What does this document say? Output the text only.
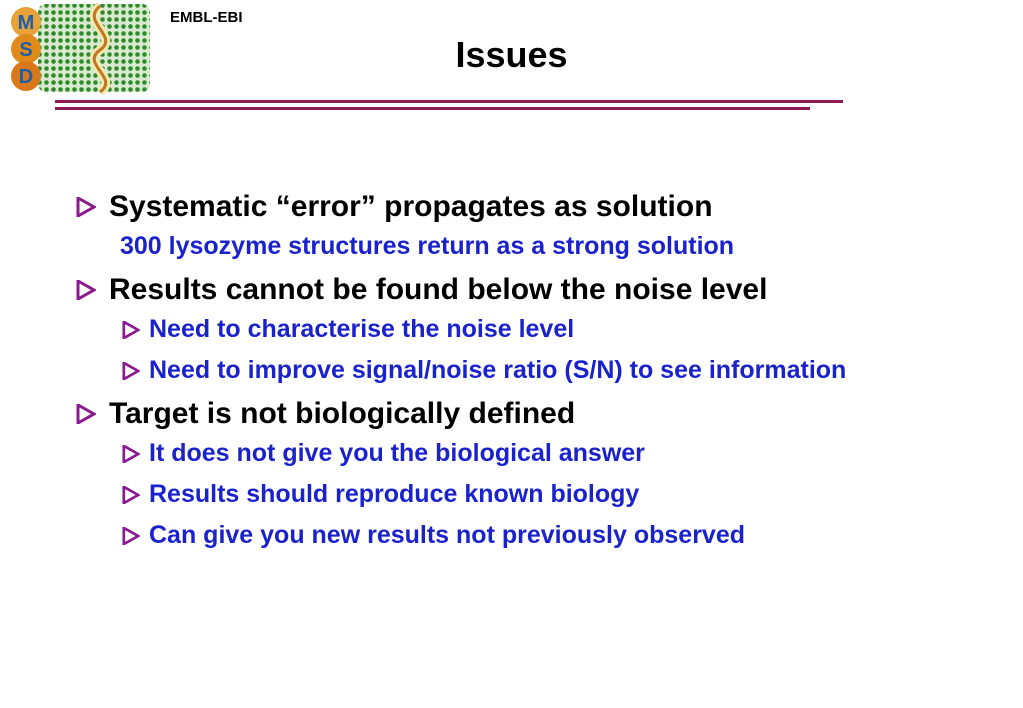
M
S
D
EMBL-EBI
Issues
Systematic “error” propagates as solution
300 lysozyme structures return as a strong solution
Results cannot be found below the noise level
Need to characterise the noise level
Need to improve signal/noise ratio (S/N) to see information
Target is not biologically defined
It does not give you the biological answer
Results should reproduce known biology
Can give you new results not previously observed
